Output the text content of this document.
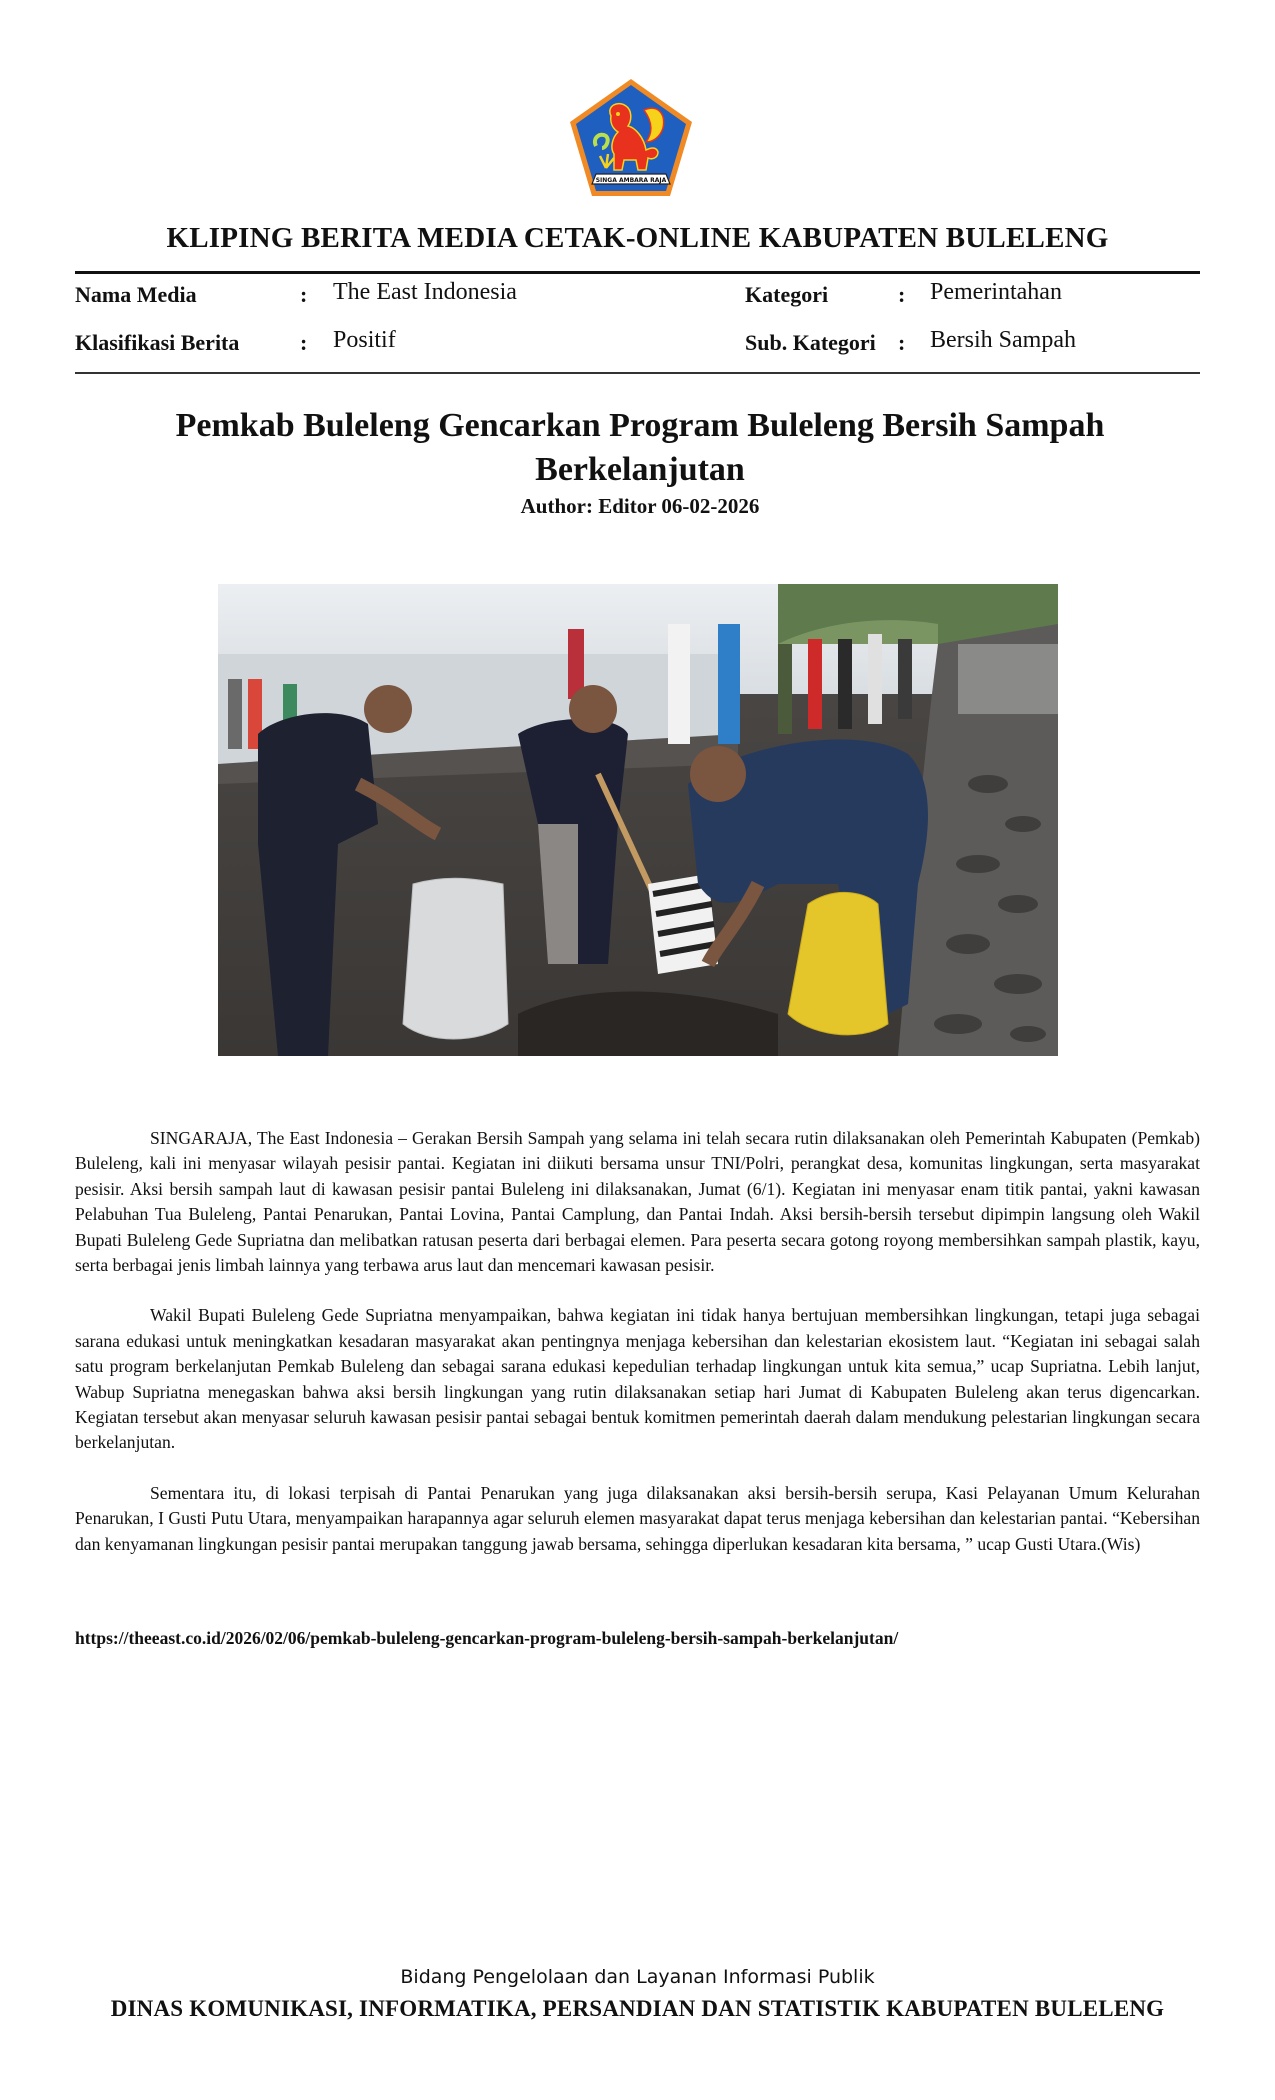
SINGA AMBARA RAJA
KLIPING BERITA MEDIA CETAK-ONLINE KABUPATEN BULELENG
Nama Media	: The East Indonesia
Klasifikasi Berita	: Positif
Kategori	: Pemerintahan
Sub. Kategori : Bersih Sampah
Pemkab Buleleng Gencarkan Program Buleleng Bersih Sampah Berkelanjutan
Author: Editor 06-02-2026

SINGARAJA, The East Indonesia – Gerakan Bersih Sampah yang selama ini telah secara rutin dilaksanakan oleh Pemerintah Kabupaten (Pemkab) Buleleng, kali ini menyasar wilayah pesisir pantai. Kegiatan ini diikuti bersama unsur TNI/Polri, perangkat desa, komunitas lingkungan, serta masyarakat pesisir. Aksi bersih sampah laut di kawasan pesisir pantai Buleleng ini dilaksanakan, Jumat (6/1). Kegiatan ini menyasar enam titik pantai, yakni kawasan Pelabuhan Tua Buleleng, Pantai Penarukan, Pantai Lovina, Pantai Camplung, dan Pantai Indah. Aksi bersih-bersih tersebut dipimpin langsung oleh Wakil Bupati Buleleng Gede Supriatna dan melibatkan ratusan peserta dari berbagai elemen. Para peserta secara gotong royong membersihkan sampah plastik, kayu, serta berbagai jenis limbah lainnya yang terbawa arus laut dan mencemari kawasan pesisir.

Wakil Bupati Buleleng Gede Supriatna menyampaikan, bahwa kegiatan ini tidak hanya bertujuan membersihkan lingkungan, tetapi juga sebagai sarana edukasi untuk meningkatkan kesadaran masyarakat akan pentingnya menjaga kebersihan dan kelestarian ekosistem laut. “Kegiatan ini sebagai salah satu program berkelanjutan Pemkab Buleleng dan sebagai sarana edukasi kepedulian terhadap lingkungan untuk kita semua,” ucap Supriatna. Lebih lanjut, Wabup Supriatna menegaskan bahwa aksi bersih lingkungan yang rutin dilaksanakan setiap hari Jumat di Kabupaten Buleleng akan terus digencarkan. Kegiatan tersebut akan menyasar seluruh kawasan pesisir pantai sebagai bentuk komitmen pemerintah daerah dalam mendukung pelestarian lingkungan secara berkelanjutan.

Sementara itu, di lokasi terpisah di Pantai Penarukan yang juga dilaksanakan aksi bersih-bersih serupa, Kasi Pelayanan Umum Kelurahan Penarukan, I Gusti Putu Utara, menyampaikan harapannya agar seluruh elemen masyarakat dapat terus menjaga kebersihan dan kelestarian pantai. “Kebersihan dan kenyamanan lingkungan pesisir pantai merupakan tanggung jawab bersama, sehingga diperlukan kesadaran kita bersama, ” ucap Gusti Utara.(Wis)

https://theeast.co.id/2026/02/06/pemkab-buleleng-gencarkan-program-buleleng-bersih-sampah-berkelanjutan/
Bidang Pengelolaan dan Layanan Informasi Publik
DINAS KOMUNIKASI, INFORMATIKA, PERSANDIAN DAN STATISTIK KABUPATEN BULELENG
